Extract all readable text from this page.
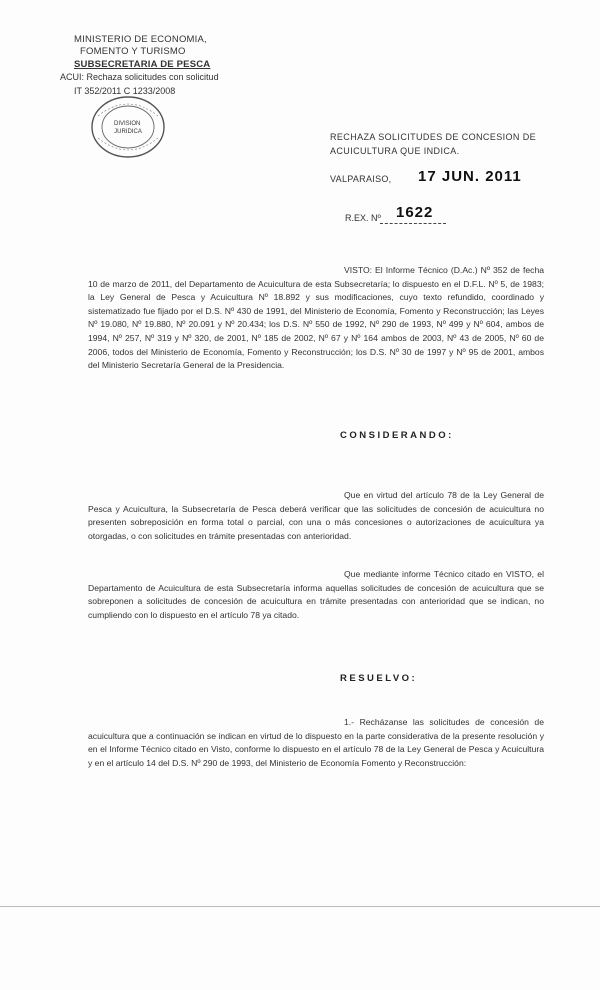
MINISTERIO DE ECONOMIA,
FOMENTO Y TURISMO
SUBSECRETARIA DE PESCA
ACUI: Rechaza solicitudes con solicitud
IT 352/2011 C 1233/2008
DIVISION JURIDICA	RECHAZA SOLICITUDES DE CONCESION DE ACUICULTURA QUE INDICA.
VALPARAISO, 17 JUN. 2011
R.EX. Nº 1622
VISTO: El Informe Técnico (D.Ac.) Nº 352 de fecha 10 de marzo de 2011, del Departamento de Acuicultura de esta Subsecretaría; lo dispuesto en el D.F.L. Nº 5, de 1983; la Ley General de Pesca y Acuicultura Nº 18.892 y sus modificaciones, cuyo texto refundido, coordinado y sistematizado fue fijado por el D.S. Nº 430 de 1991, del Ministerio de Economía, Fomento y Reconstrucción; las Leyes Nº 19.080, Nº 19.880, Nº 20.091 y Nº 20.434; los D.S. Nº 550 de 1992, Nº 290 de 1993, Nº 499 y Nº 604, ambos de 1994, Nº 257, Nº 319 y Nº 320, de 2001, Nº 185 de 2002, Nº 67 y Nº 164 ambos de 2003, Nº 43 de 2005, Nº 60 de 2006, todos del Ministerio de Economía, Fomento y Reconstrucción; los D.S. Nº 30 de 1997 y Nº 95 de 2001, ambos del Ministerio Secretaría General de la Presidencia.
CONSIDERANDO:
Que en virtud del artículo 78 de la Ley General de Pesca y Acuicultura, la Subsecretaría de Pesca deberá verificar que las solicitudes de concesión de acuicultura no presenten sobreposición en forma total o parcial, con una o más concesiones o autorizaciones de acuicultura ya otorgadas, o con solicitudes en trámite presentadas con anterioridad.
Que mediante informe Técnico citado en VISTO, el Departamento de Acuicultura de esta Subsecretaría informa aquellas solicitudes de concesión de acuicultura que se sobreponen a solicitudes de concesión de acuicultura en trámite presentadas con anterioridad que se indican, no cumpliendo con lo dispuesto en el artículo 78 ya citado.
RESUELVO:
1.- Recházanse las solicitudes de concesión de acuicultura que a continuación se indican en virtud de lo dispuesto en la parte considerativa de la presente resolución y en el Informe Técnico citado en Visto, conforme lo dispuesto en el artículo 78 de la Ley General de Pesca y Acuicultura y en el artículo 14 del D.S. Nº 290 de 1993, del Ministerio de Economía Fomento y Reconstrucción:
